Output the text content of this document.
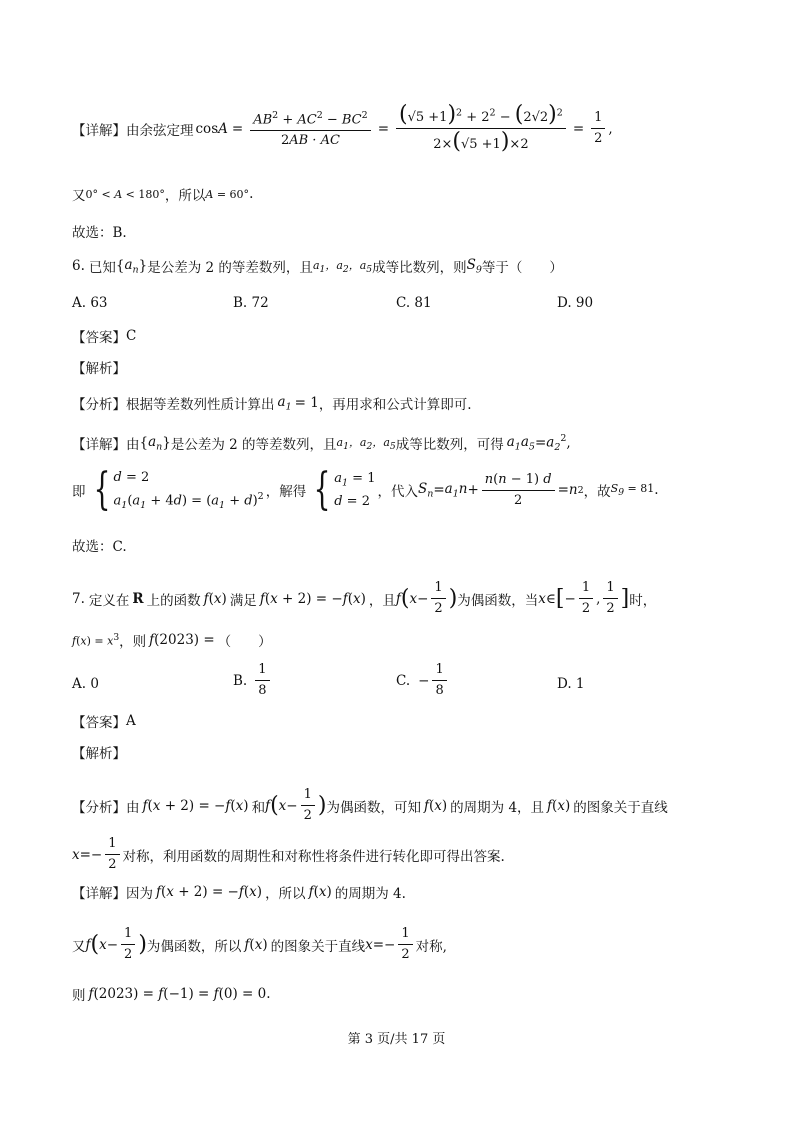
【详解】 由余弦定理 $\cos A = \frac{AB^2 + AC^2 - BC^2}{2AB \cdot AC} = \frac{(√5 +1)^2 + 2^2 - (2√2)^2}{2\times(√5 +1)\times 2} = \frac{1}{2}$ ,
又 0° < A < 180° ，所以 A = 60° .
故选：B.
6. 已知 { $a_n$ } 是公差为 2 的等差数列，且 $a_1$，$a_2$，$a_5$ 成等比数列，则 $S_9$ 等于（　　）
A. 63	B. 72	C. 81	D. 90
【答案】 C
【解析】
【分析】 根据等差数列性质计算出 $a_1 = 1$ ，再用求和公式计算即可.
【详解】 由 { $a_n$ } 是公差为 2 的等差数列，且 $a_1$，$a_2$，$a_5$ 成等比数列，可得 $a_1a_5 = a_2^2$ ,
即 { d = 2
$a_1(a_1 + 4d) = (a_1 + d)^2$ ，解得 { $a_1 = 1$
d = 2
，代入 $S_n = a_1n + \frac{n(n - 1) d}{2} = n$ 2 ，故 $S_9 = 81$ .
故选：C.
7. 定义在 R 上的函数 f(x) 满足 f(x + 2) = −f(x) ，且 f ( $x - \frac{1}{2}$ ) 为偶函数，当 x ∈ [ − $\frac{1}{2}$ , $\frac{1}{2}$ ] 时，
$f(x) = x^3$ ，则 f(2023) = （　　）
A. 0	B. $\frac{1}{8}$	C. − $\frac{1}{8}$	D. 1
【答案】 A
【解析】
【分析】 由 f(x + 2) = −f(x) 和 f ( $x - \frac{1}{2}$ ) 为偶函数，可知 f(x) 的周期为 4，且 f(x) 的图象关于直线
$x =- \frac{1}{2}$ 对称，利用函数的周期性和对称性将条件进行转化即可得出答案.
【详解】 因为 f(x + 2) = −f(x) ，所以 f(x) 的周期为 4.
又 f ( $x - \frac{1}{2}$ ) 为偶函数，所以 f(x) 的图象关于直线 $x =- \frac{1}{2}$ 对称,
则 f(2023) = f(−1) = f(0) = 0 .
第 3 页/共 17 页
